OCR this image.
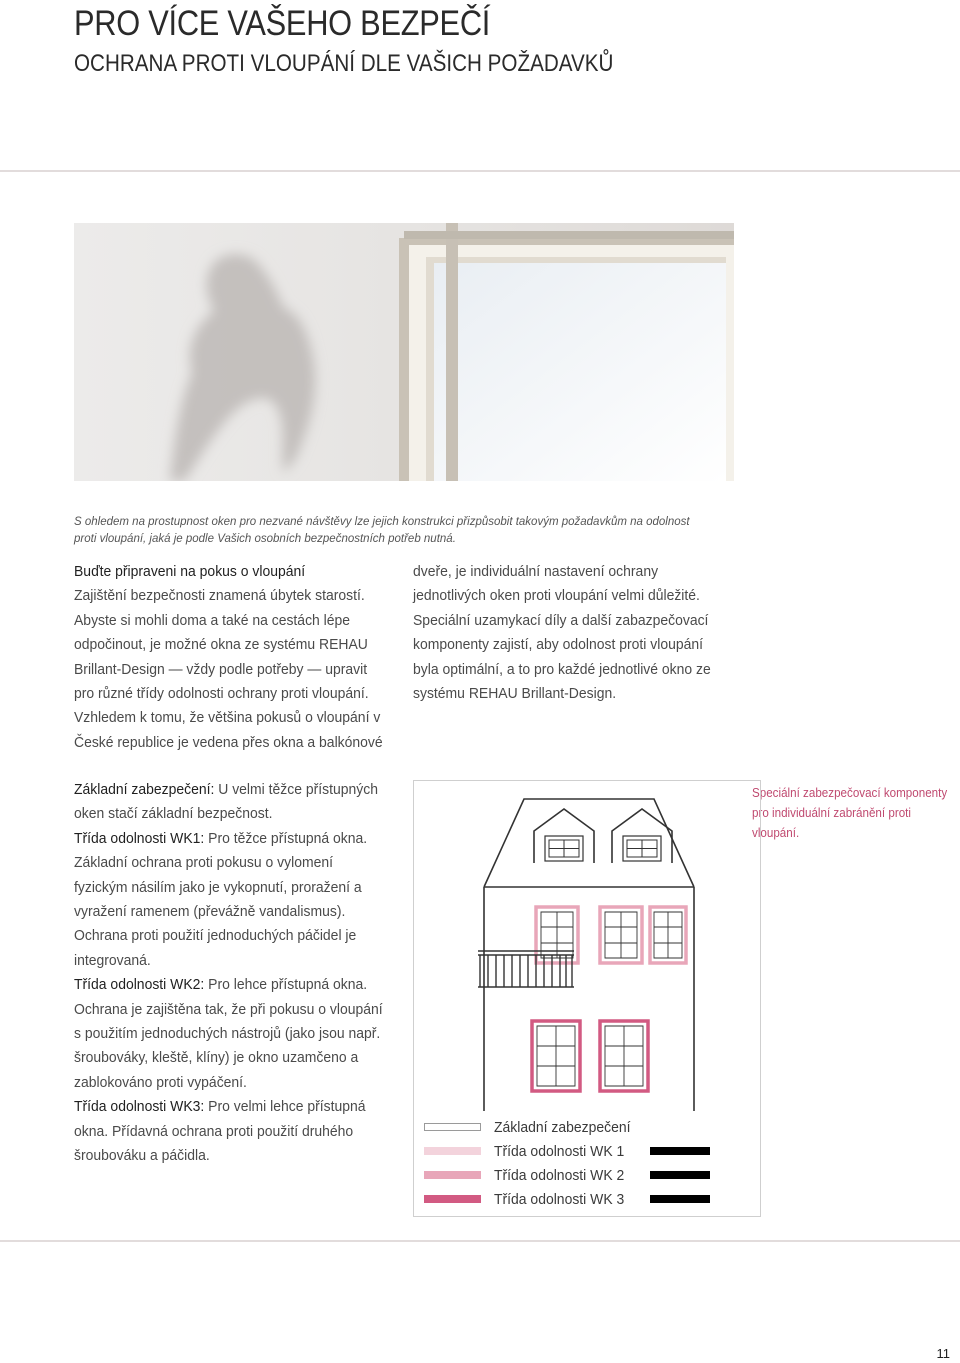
PRO VÍCE VAŠEHO BEZPEČÍ
OCHRANA PROTI VLOUPÁNÍ DLE VAŠICH POŽADAVKŮ
S ohledem na prostupnost oken pro nezvané návštěvy lze jejich konstrukci přizpůsobit takovým požadavkům na odolnost proti vloupání, jaká je podle Vašich osobních bezpečnostních potřeb nutná.
Buďte připraveni na pokus o vloupání
Zajištění bezpečnosti znamená úbytek starostí.
Abyste si mohli doma a také na cestách lépe odpočinout, je možné okna ze systému REHAU Brillant-Design — vždy podle potřeby — upravit pro různé třídy odolnosti ochrany proti vloupání. Vzhledem k tomu, že většina pokusů o vloupání v České republice je vedena přes okna a balkónové
dveře, je individuální nastavení ochrany jednotlivých oken proti vloupání velmi důležité. Speciální uzamykací díly a další zabazpečovací komponenty zajistí, aby odolnost proti vloupání byla optimální, a to pro každé jednotlivé okno ze systému REHAU Brillant-Design.
Základní zabezpečení: U velmi těžce přístupných oken stačí základní bezpečnost.
Třída odolnosti WK1: Pro těžce přístupná okna. Základní ochrana proti pokusu o vylomení fyzickým násilím jako je vykopnutí, proražení a vyražení ramenem (převážně vandalismus). Ochrana proti použití jednoduchých páčidel je integrovaná.
Třída odolnosti WK2: Pro lehce přístupná okna. Ochrana je zajištěna tak, že při pokusu o vloupání s použitím jednoduchých nástrojů (jako jsou např. šroubováky, kleště, klíny) je okno uzamčeno a zablokováno proti vypáčení.
Třída odolnosti WK3: Pro velmi lehce přístupná okna. Přídavná ochrana proti použití druhého šroubováku a páčidla.
Speciální zabezpečovací komponenty pro individuální zabránění proti vloupání.
Základní zabezpečení
Třída odolnosti WK 1
Třída odolnosti WK 2
Třída odolnosti WK 3
11
